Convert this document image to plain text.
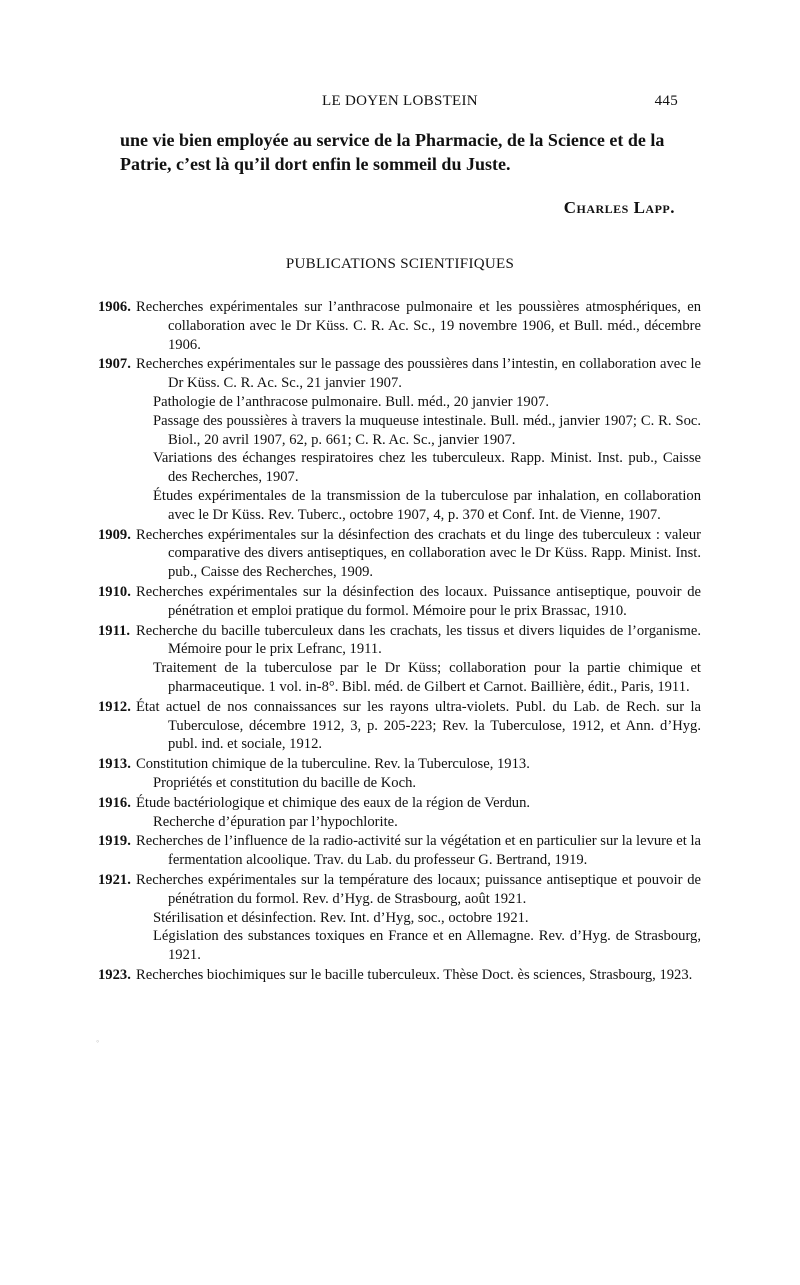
LE DOYEN LOBSTEIN	445

une vie bien employée au service de la Pharmacie, de la Science et de la Patrie, c’est là qu’il dort enfin le sommeil du Juste.

Charles Lapp.
PUBLICATIONS SCIENTIFIQUES
1906. Recherches expérimentales sur l’anthracose pulmonaire et les poussières atmosphériques, en collaboration avec le Dr Küss. C. R. Ac. Sc., 19 novembre 1906, et Bull. méd., décembre 1906.

1907. Recherches expérimentales sur le passage des poussières dans l’intestin, en collaboration avec le Dr Küss. C. R. Ac. Sc., 21 janvier 1907.

Pathologie de l’anthracose pulmonaire. Bull. méd., 20 janvier 1907.

Passage des poussières à travers la muqueuse intestinale. Bull. méd., janvier 1907; C. R. Soc. Biol., 20 avril 1907, 62, p. 661; C. R. Ac. Sc., janvier 1907.

Variations des échanges respiratoires chez les tuberculeux. Rapp. Minist. Inst. pub., Caisse des Recherches, 1907.

Études expérimentales de la transmission de la tuberculose par inhalation, en collaboration avec le Dr Küss. Rev. Tuberc., octobre 1907, 4, p. 370 et Conf. Int. de Vienne, 1907.

1909. Recherches expérimentales sur la désinfection des crachats et du linge des tuberculeux : valeur comparative des divers antiseptiques, en collaboration avec le Dr Küss. Rapp. Minist. Inst. pub., Caisse des Recherches, 1909.

1910. Recherches expérimentales sur la désinfection des locaux. Puissance antiseptique, pouvoir de pénétration et emploi pratique du formol. Mémoire pour le prix Brassac, 1910.

1911. Recherche du bacille tuberculeux dans les crachats, les tissus et divers liquides de l’organisme. Mémoire pour le prix Lefranc, 1911.

Traitement de la tuberculose par le Dr Küss; collaboration pour la partie chimique et pharmaceutique. 1 vol. in-8°. Bibl. méd. de Gilbert et Carnot. Baillière, édit., Paris, 1911.

1912. État actuel de nos connaissances sur les rayons ultra-violets. Publ. du Lab. de Rech. sur la Tuberculose, décembre 1912, 3, p. 205-223; Rev. la Tuberculose, 1912, et Ann. d’Hyg. publ. ind. et sociale, 1912.

1913. Constitution chimique de la tuberculine. Rev. la Tuberculose, 1913.

Propriétés et constitution du bacille de Koch.

1916. Étude bactériologique et chimique des eaux de la région de Verdun.

Recherche d’épuration par l’hypochlorite.

1919. Recherches de l’influence de la radio-activité sur la végétation et en particulier sur la levure et la fermentation alcoolique. Trav. du Lab. du professeur G. Bertrand, 1919.

1921. Recherches expérimentales sur la température des locaux; puissance antiseptique et pouvoir de pénétration du formol. Rev. d’Hyg. de Strasbourg, août 1921.

Stérilisation et désinfection. Rev. Int. d’Hyg, soc., octobre 1921.

Législation des substances toxiques en France et en Allemagne. Rev. d’Hyg. de Strasbourg, 1921.

1923. Recherches biochimiques sur le bacille tuberculeux. Thèse Doct. ès sciences, Strasbourg, 1923.

◦
